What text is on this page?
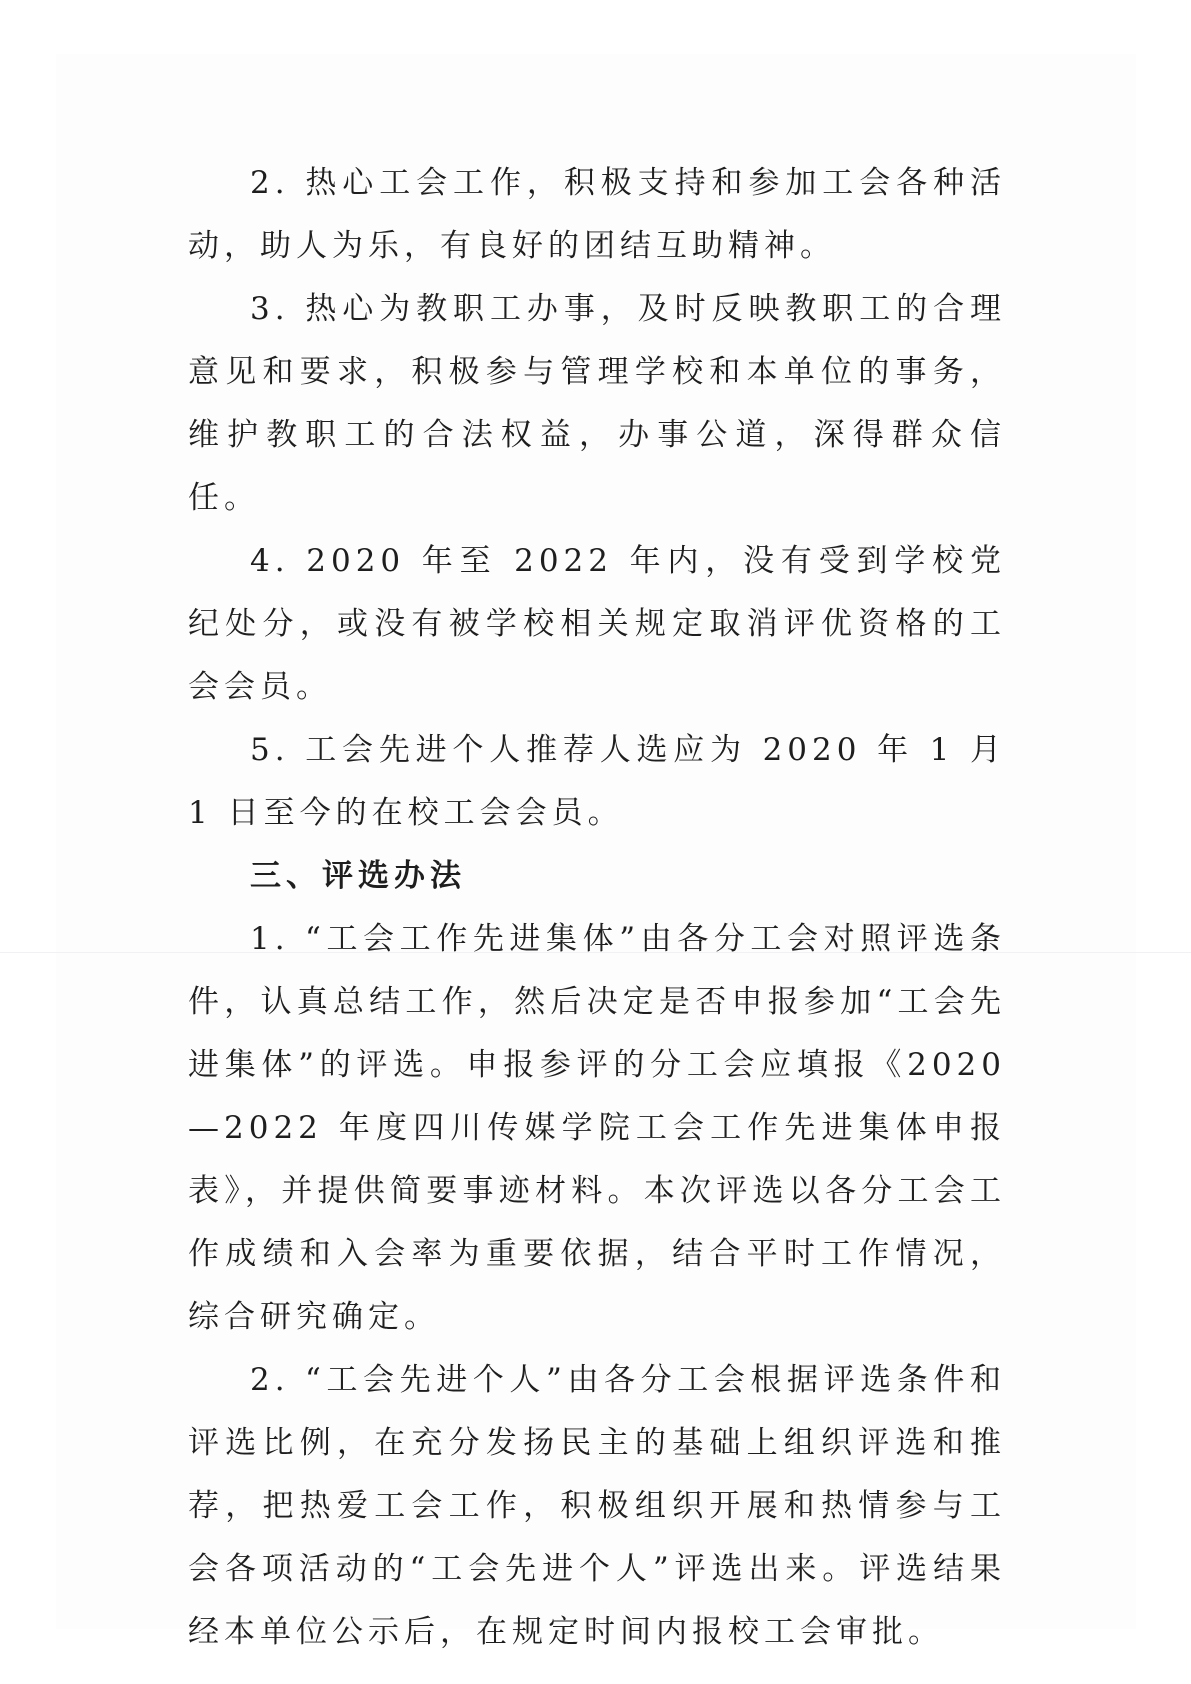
2. 热心工会工作，积极支持和参加工会各种活动，助人为乐，有良好的团结互助精神。

3. 热心为教职工办事，及时反映教职工的合理意见和要求，积极参与管理学校和本单位的事务，维护教职工的合法权益，办事公道，深得群众信任。

4. 2020 年至 2022 年内，没有受到学校党纪处分，或没有被学校相关规定取消评优资格的工会会员。

5. 工会先进个人推荐人选应为 2020 年 1 月 1 日至今的在校工会会员。

三、评选办法

1. “工会工作先进集体”由各分工会对照评选条件，认真总结工作，然后决定是否申报参加“工会先进集体”的评选。申报参评的分工会应填报《2020—2022 年度四川传媒学院工会工作先进集体申报表》，并提供简要事迹材料。本次评选以各分工会工作成绩和入会率为重要依据，结合平时工作情况，综合研究确定。

2. “工会先进个人”由各分工会根据评选条件和评选比例，在充分发扬民主的基础上组织评选和推荐，把热爱工会工作，积极组织开展和热情参与工会各项活动的“工会先进个人”评选出来。评选结果经本单位公示后，在规定时间内报校工会审批。
